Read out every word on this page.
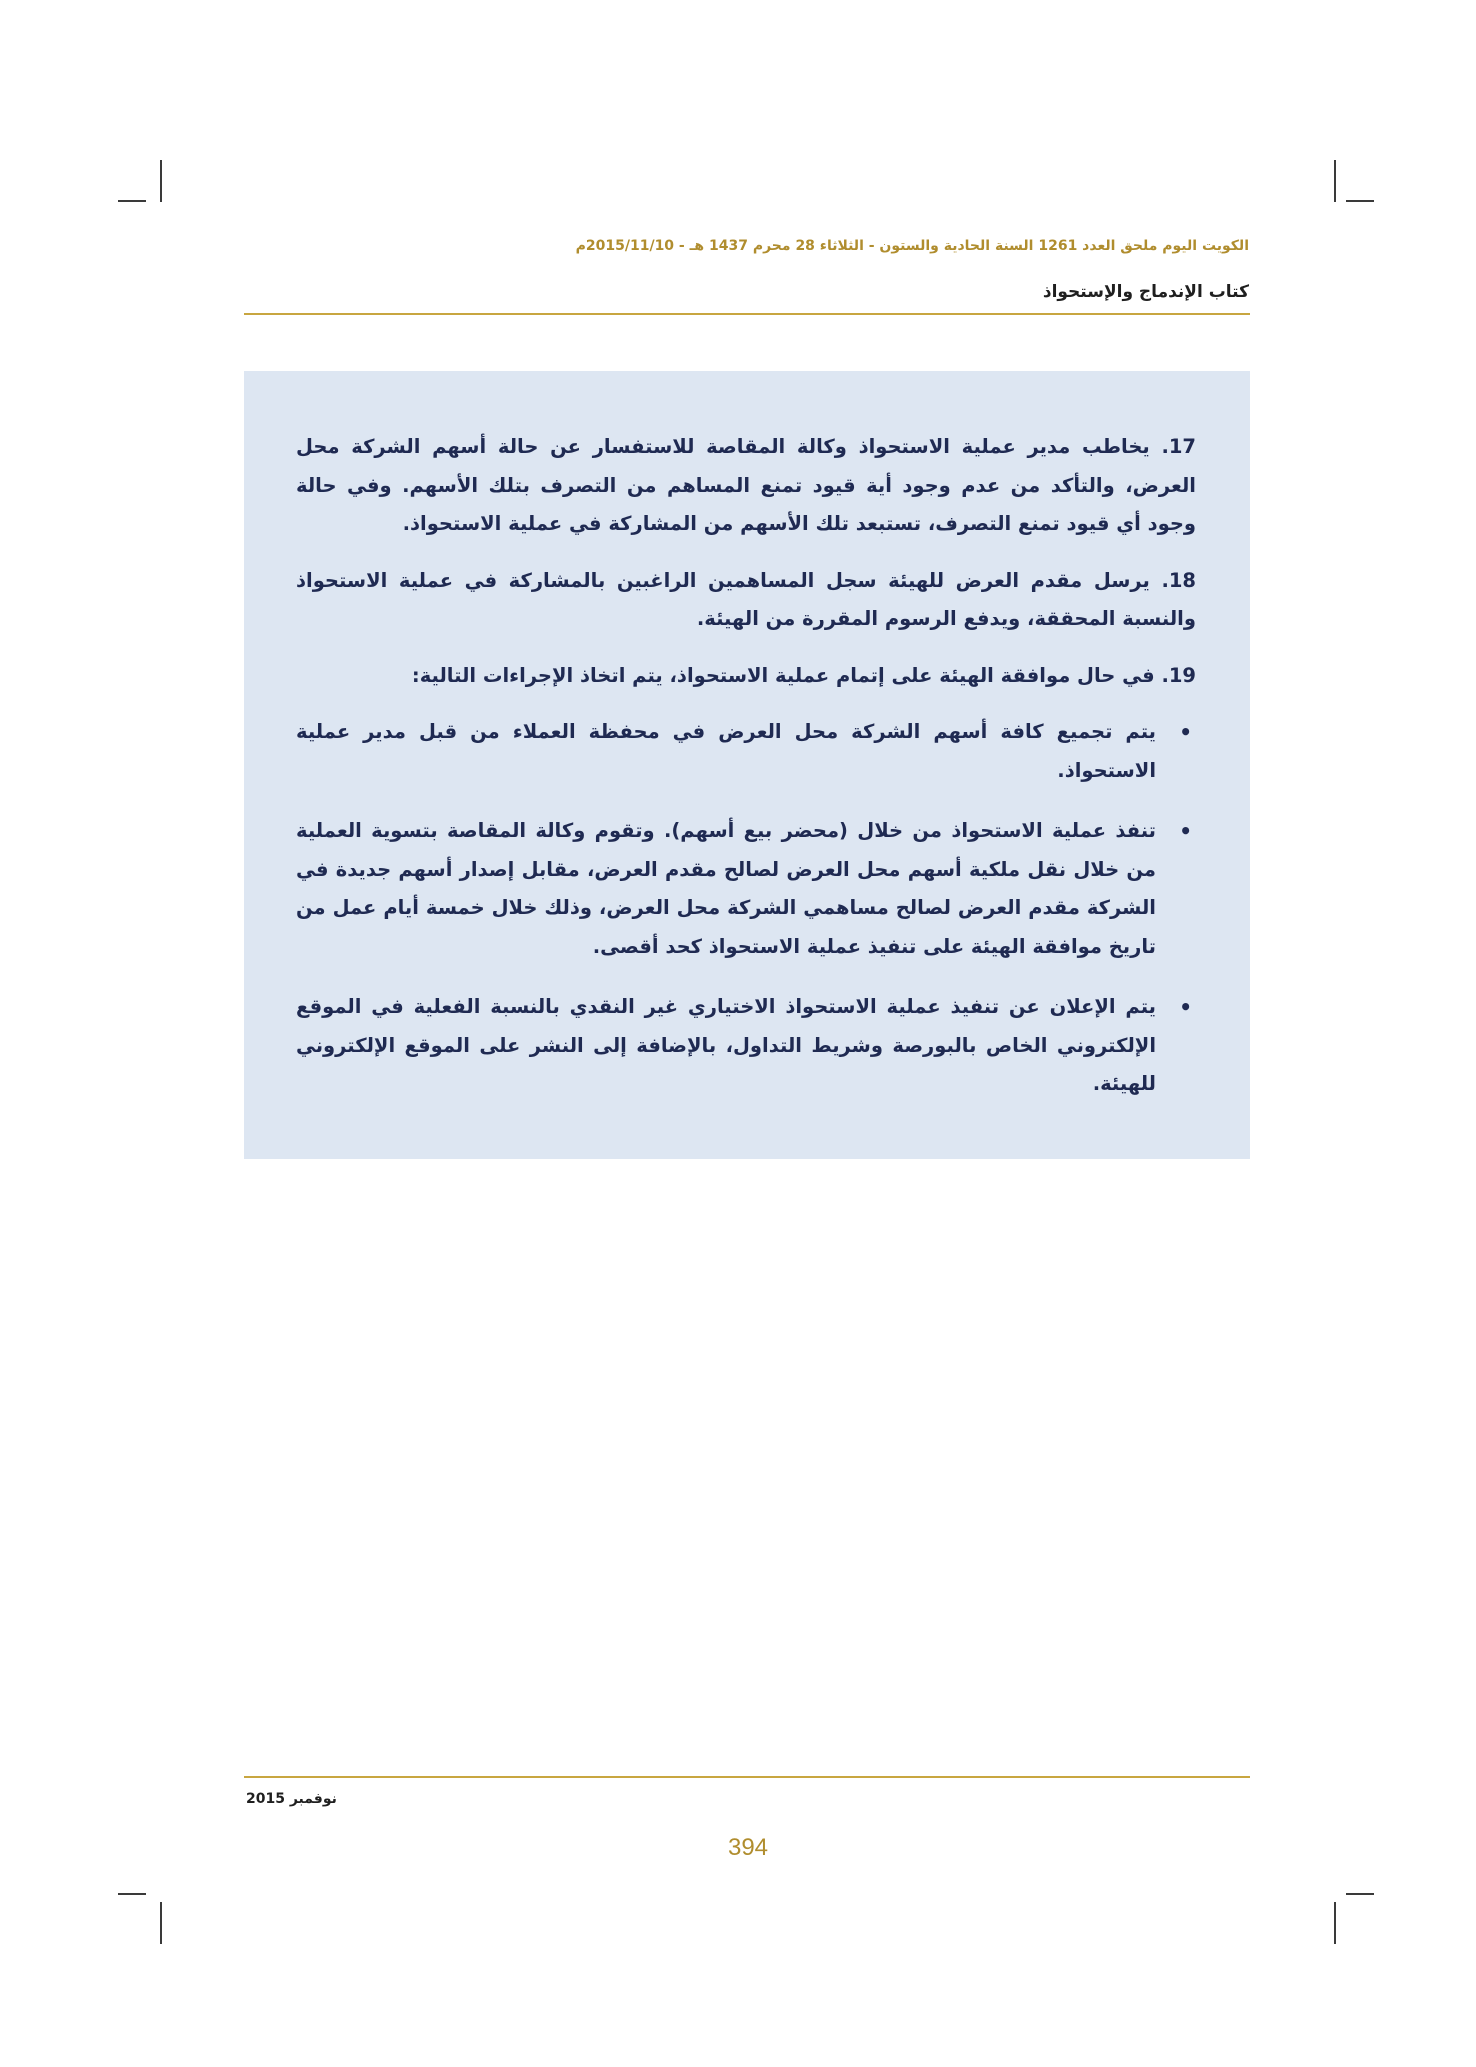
الكويت اليوم ملحق العدد 1261 السنة الحادية والستون - الثلاثاء 28 محرم 1437 هـ - 2015/11/10م
كتاب الإندماج والإستحواذ

17. يخاطب مدير عملية الاستحواذ وكالة المقاصة للاستفسار عن حالة أسهم الشركة محل العرض، والتأكد من عدم وجود أية قيود تمنع المساهم من التصرف بتلك الأسهم. وفي حالة وجود أي قيود تمنع التصرف، تستبعد تلك الأسهم من المشاركة في عملية الاستحواذ.

18. يرسل مقدم العرض للهيئة سجل المساهمين الراغبين بالمشاركة في عملية الاستحواذ والنسبة المحققة، ويدفع الرسوم المقررة من الهيئة.

19. في حال موافقة الهيئة على إتمام عملية الاستحواذ، يتم اتخاذ الإجراءات التالية:

•
يتم تجميع كافة أسهم الشركة محل العرض في محفظة العملاء من قبل مدير عملية الاستحواذ.
•
تنفذ عملية الاستحواذ من خلال (محضر بيع أسهم). وتقوم وكالة المقاصة بتسوية العملية من خلال نقل ملكية أسهم محل العرض لصالح مقدم العرض، مقابل إصدار أسهم جديدة في الشركة مقدم العرض لصالح مساهمي الشركة محل العرض، وذلك خلال خمسة أيام عمل من تاريخ موافقة الهيئة على تنفيذ عملية الاستحواذ كحد أقصى.
•
يتم الإعلان عن تنفيذ عملية الاستحواذ الاختياري غير النقدي بالنسبة الفعلية في الموقع الإلكتروني الخاص بالبورصة وشريط التداول، بالإضافة إلى النشر على الموقع الإلكتروني للهيئة.
نوفمبر 2015
394
